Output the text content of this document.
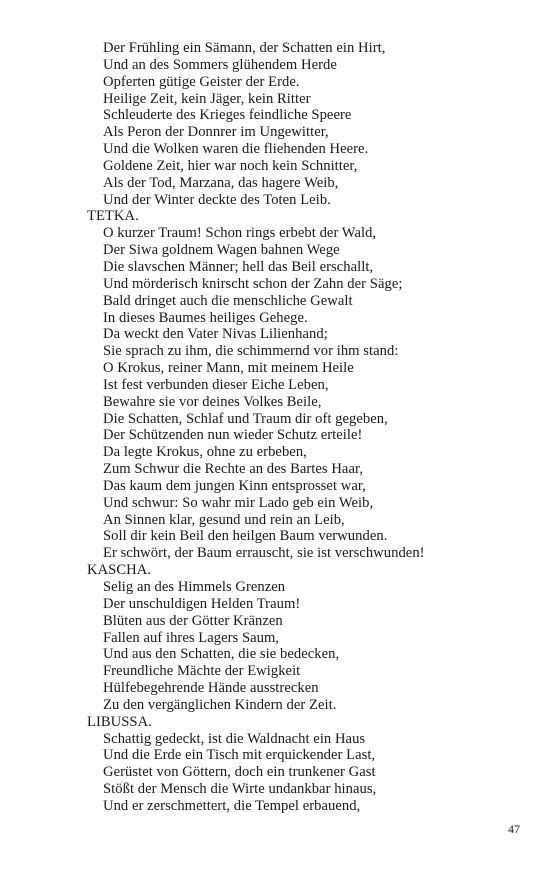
Der Frühling ein Sämann, der Schatten ein Hirt,
Und an des Sommers glühendem Herde
Opferten gütige Geister der Erde.
Heilige Zeit, kein Jäger, kein Ritter
Schleuderte des Krieges feindliche Speere
Als Peron der Donnrer im Ungewitter,
Und die Wolken waren die fliehenden Heere.
Goldene Zeit, hier war noch kein Schnitter,
Als der Tod, Marzana, das hagere Weib,
Und der Winter deckte des Toten Leib.
TETKA.
O kurzer Traum! Schon rings erbebt der Wald,
Der Siwa goldnem Wagen bahnen Wege
Die slavschen Männer; hell das Beil erschallt,
Und mörderisch knirscht schon der Zahn der Säge;
Bald dringet auch die menschliche Gewalt
In dieses Baumes heiliges Gehege.
Da weckt den Vater Nivas Lilienhand;
Sie sprach zu ihm, die schimmernd vor ihm stand:
O Krokus, reiner Mann, mit meinem Heile
Ist fest verbunden dieser Eiche Leben,
Bewahre sie vor deines Volkes Beile,
Die Schatten, Schlaf und Traum dir oft gegeben,
Der Schützenden nun wieder Schutz erteile!
Da legte Krokus, ohne zu erbeben,
Zum Schwur die Rechte an des Bartes Haar,
Das kaum dem jungen Kinn entsprosset war,
Und schwur: So wahr mir Lado geb ein Weib,
An Sinnen klar, gesund und rein an Leib,
Soll dir kein Beil den heilgen Baum verwunden.
Er schwört, der Baum errauscht, sie ist verschwunden!
KASCHA.
Selig an des Himmels Grenzen
Der unschuldigen Helden Traum!
Blüten aus der Götter Kränzen
Fallen auf ihres Lagers Saum,
Und aus den Schatten, die sie bedecken,
Freundliche Mächte der Ewigkeit
Hülfebegehrende Hände ausstrecken
Zu den vergänglichen Kindern der Zeit.
LIBUSSA.
Schattig gedeckt, ist die Waldnacht ein Haus
Und die Erde ein Tisch mit erquickender Last,
Gerüstet von Göttern, doch ein trunkener Gast
Stößt der Mensch die Wirte undankbar hinaus,
Und er zerschmettert, die Tempel erbauend,
47
